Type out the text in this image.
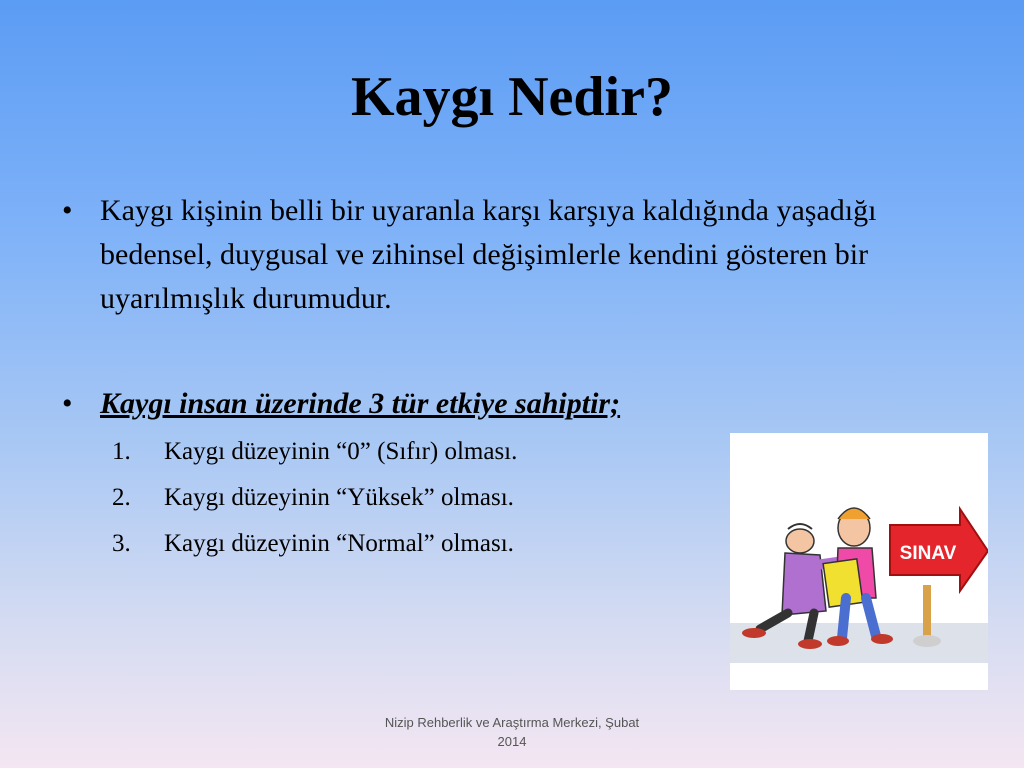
Kaygı Nedir?
• Kaygı kişinin belli bir uyaranla karşı karşıya kaldığında yaşadığı bedensel, duygusal ve zihinsel değişimlerle kendini gösteren bir uyarılmışlık durumudur.
• Kaygı insan üzerinde 3 tür etkiye sahiptir;
1. Kaygı düzeyinin “0” (Sıfır) olması.
2. Kaygı düzeyinin “Yüksek” olması.
3. Kaygı düzeyinin “Normal” olması.	SINAV
Nizip Rehberlik ve Araştırma Merkezi, Şubat
2014
